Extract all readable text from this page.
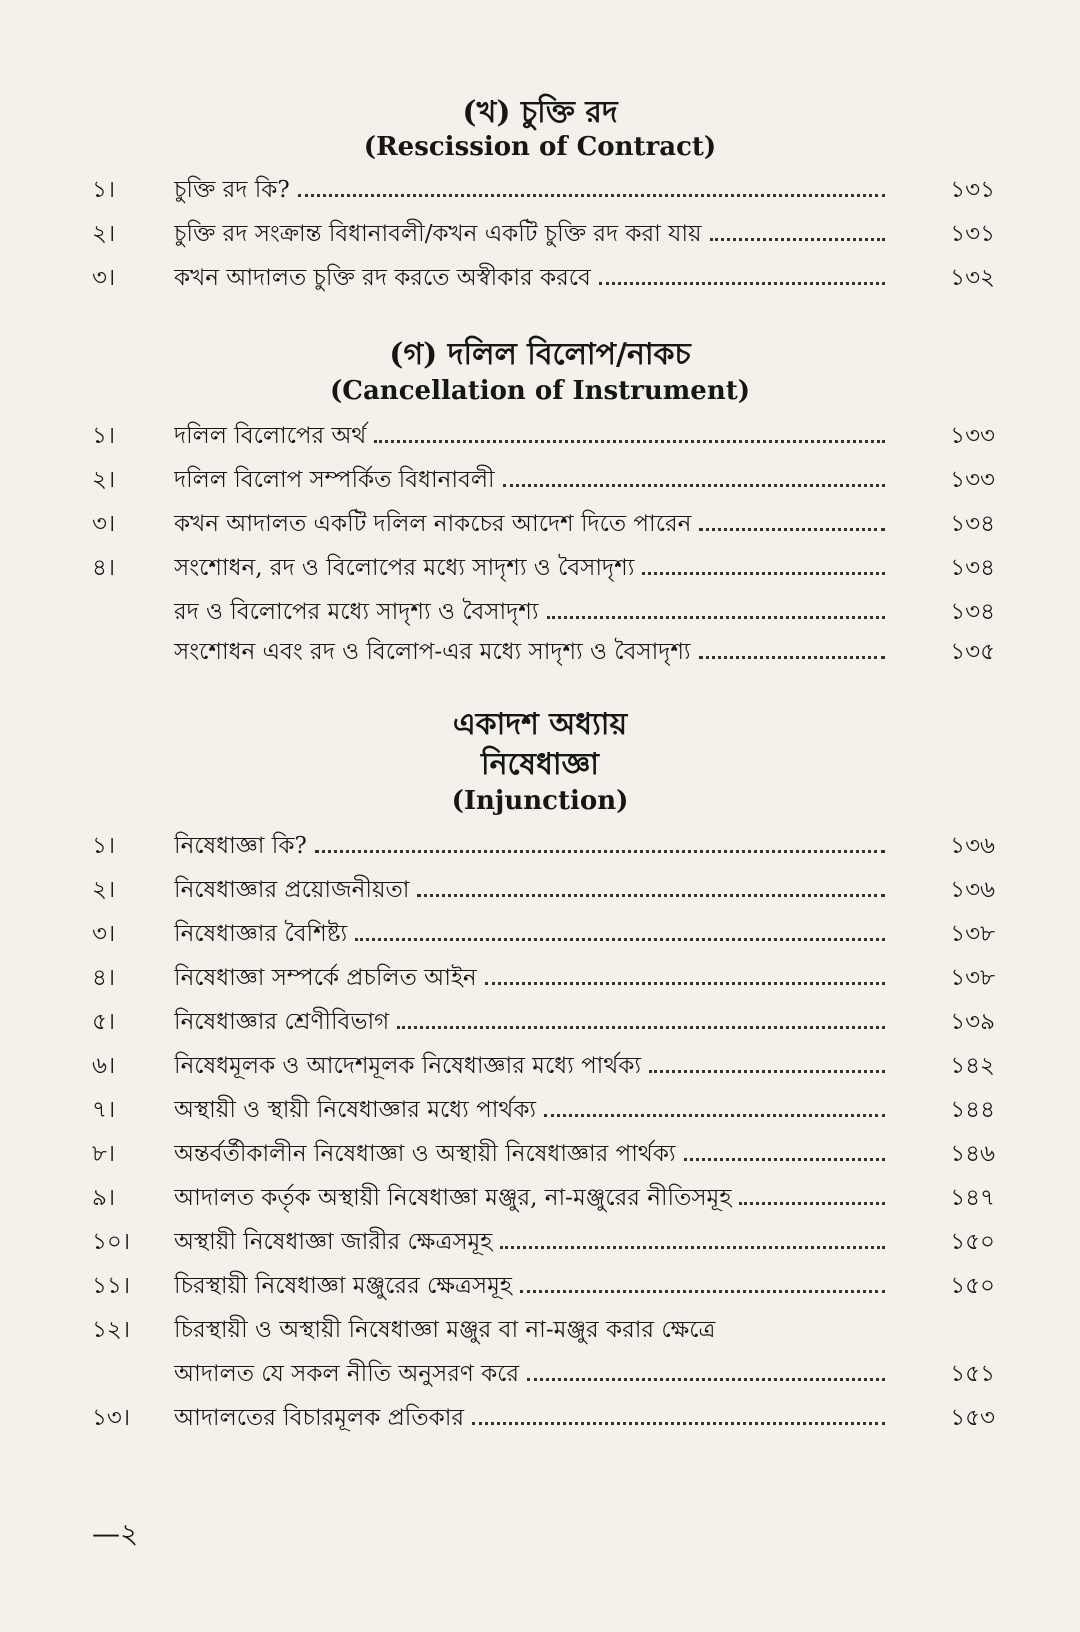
(খ) চুক্তি রদ
(Rescission of Contract)
১।	চুক্তি রদ কি?	১৩১
২।	চুক্তি রদ সংক্রান্ত বিধানাবলী/কখন একটি চুক্তি রদ করা যায়	১৩১
৩।	কখন আদালত চুক্তি রদ করতে অস্বীকার করবে	১৩২
(গ) দলিল বিলোপ/নাকচ
(Cancellation of Instrument)
১।	দলিল বিলোপের অর্থ	১৩৩
২।	দলিল বিলোপ সম্পর্কিত বিধানাবলী	১৩৩
৩।	কখন আদালত একটি দলিল নাকচের আদেশ দিতে পারেন	১৩৪
৪।	সংশোধন, রদ ও বিলোপের মধ্যে সাদৃশ্য ও বৈসাদৃশ্য	১৩৪
রদ ও বিলোপের মধ্যে সাদৃশ্য ও বৈসাদৃশ্য	১৩৪
সংশোধন এবং রদ ও বিলোপ-এর মধ্যে সাদৃশ্য ও বৈসাদৃশ্য	১৩৫
একাদশ অধ্যায়
নিষেধাজ্ঞা
(Injunction)
১।	নিষেধাজ্ঞা কি?	১৩৬
২।	নিষেধাজ্ঞার প্রয়োজনীয়তা	১৩৬
৩।	নিষেধাজ্ঞার বৈশিষ্ট্য	১৩৮
৪।	নিষেধাজ্ঞা সম্পর্কে প্রচলিত আইন	১৩৮
৫।	নিষেধাজ্ঞার শ্রেণীবিভাগ	১৩৯
৬।	নিষেধমূলক ও আদেশমূলক নিষেধাজ্ঞার মধ্যে পার্থক্য	১৪২
৭।	অস্থায়ী ও স্থায়ী নিষেধাজ্ঞার মধ্যে পার্থক্য	১৪৪
৮।	অন্তর্বর্তীকালীন নিষেধাজ্ঞা ও অস্থায়ী নিষেধাজ্ঞার পার্থক্য	১৪৬
৯।	আদালত কর্তৃক অস্থায়ী নিষেধাজ্ঞা মঞ্জুর, না-মঞ্জুরের নীতিসমূহ	১৪৭
১০।	অস্থায়ী নিষেধাজ্ঞা জারীর ক্ষেত্রসমূহ	১৫০
১১।	চিরস্থায়ী নিষেধাজ্ঞা মঞ্জুরের ক্ষেত্রসমূহ	১৫০
১২।	চিরস্থায়ী ও অস্থায়ী নিষেধাজ্ঞা মঞ্জুর বা না-মঞ্জুর করার ক্ষেত্রে
আদালত যে সকল নীতি অনুসরণ করে	১৫১
১৩।	আদালতের বিচারমূলক প্রতিকার	১৫৩
—২
